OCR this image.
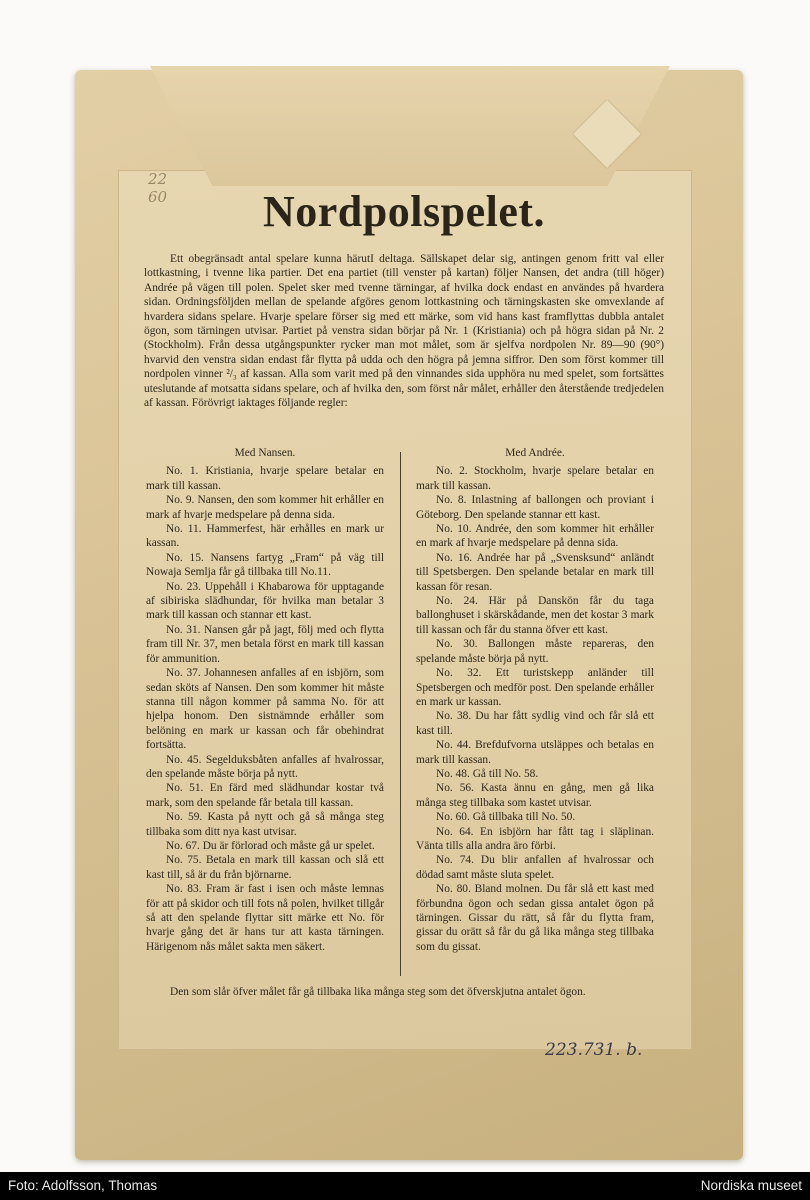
22 60	Nordpolspelet.
Ett obegränsadt antal spelare kunna härutI deltaga. Sällskapet delar sig, antingen genom fritt val eller lottkastning, i tvenne lika partier. Det ena partiet (till venster på kartan) följer Nansen, det andra (till höger) Andrée på vägen till polen. Spelet sker med tvenne tärningar, af hvilka dock endast en användes på hvardera sidan. Ordningsföljden mellan de spelande afgöres genom lottkastning och tärningskasten ske omvexlande af hvardera sidans spelare. Hvarje spelare förser sig med ett märke, som vid hans kast framflyttas dubbla antalet ögon, som tärningen utvisar. Partiet på venstra sidan börjar på Nr. 1 (Kristiania) och på högra sidan på Nr. 2 (Stockholm). Från dessa utgångspunkter rycker man mot målet, som är sjelfva nordpolen Nr. 89—90 (90°) hvarvid den venstra sidan endast får flytta på udda och den högra på jemna siffror. Den som först kommer till nordpolen vinner ²/₃ af kassan. Alla som varit med på den vinnandes sida upphöra nu med spelet, som fortsättes uteslutande af motsatta sidans spelare, och af hvilka den, som först når målet, erhåller den återstående tredjedelen af kassan. Förövrigt iaktages följande regler:
Med Nansen.

No. 1. Kristiania, hvarje spelare betalar en mark till kassan.

No. 9. Nansen, den som kommer hit erhåller en mark af hvarje medspelare på denna sida.

No. 11. Hammerfest, här erhålles en mark ur kassan.

No. 15. Nansens fartyg „Fram“ på väg till Nowaja Semlja får gå tillbaka till No.11.

No. 23. Uppehåll i Khabarowa för upptagande af sibiriska slädhundar, för hvilka man betalar 3 mark till kassan och stannar ett kast.

No. 31. Nansen går på jagt, följ med och flytta fram till Nr. 37, men betala först en mark till kassan för ammunition.

No. 37. Johannesen anfalles af en isbjörn, som sedan sköts af Nansen. Den som kommer hit måste stanna till någon kommer på samma No. för att hjelpa honom. Den sistnämnde erhåller som belöning en mark ur kassan och får obehindrat fortsätta.

No. 45. Segelduksbåten anfalles af hvalrossar, den spelande måste börja på nytt.

No. 51. En färd med slädhundar kostar två mark, som den spelande får betala till kassan.

No. 59. Kasta på nytt och gå så många steg tillbaka som ditt nya kast utvisar.

No. 67. Du är förlorad och måste gå ur spelet.

No. 75. Betala en mark till kassan och slå ett kast till, så är du från björnarne.

No. 83. Fram är fast i isen och måste lemnas för att på skidor och till fots nå polen, hvilket tillgår så att den spelande flyttar sitt märke ett No. för hvarje gång det är hans tur att kasta tärningen. Härigenom nås målet sakta men säkert.

Med Andrée.

No. 2. Stockholm, hvarje spelare betalar en mark till kassan.

No. 8. Inlastning af ballongen och proviant i Göteborg. Den spelande stannar ett kast.

No. 10. Andrée, den som kommer hit erhåller en mark af hvarje medspelare på denna sida.

No. 16. Andrée har på „Svensksund“ anländt till Spetsbergen. Den spelande betalar en mark till kassan för resan.

No. 24. Här på Danskön får du taga ballonghuset i skärskådande, men det kostar 3 mark till kassan och får du stanna öfver ett kast.

No. 30. Ballongen måste repareras, den spelande måste börja på nytt.

No. 32. Ett turistskepp anländer till Spetsbergen och medför post. Den spelande erhåller en mark ur kassan.

No. 38. Du har fått sydlig vind och får slå ett kast till.

No. 44. Brefdufvorna utsläppes och betalas en mark till kassan.

No. 48. Gå till No. 58.

No. 56. Kasta ännu en gång, men gå lika många steg tillbaka som kastet utvisar.

No. 60. Gå tillbaka till No. 50.

No. 64. En isbjörn har fått tag i släplinan. Vänta tills alla andra äro förbi.

No. 74. Du blir anfallen af hvalrossar och dödad samt måste sluta spelet.

No. 80. Bland molnen. Du får slå ett kast med förbundna ögon och sedan gissa antalet ögon på tärningen. Gissar du rätt, så får du flytta fram, gissar du orätt så får du gå lika många steg tillbaka som du gissat.

Den som slår öfver målet får gå tillbaka lika många steg som det öfverskjutna antalet ögon.
223.731. b.
Foto: Adolfsson, Thomas	Nordiska museet
